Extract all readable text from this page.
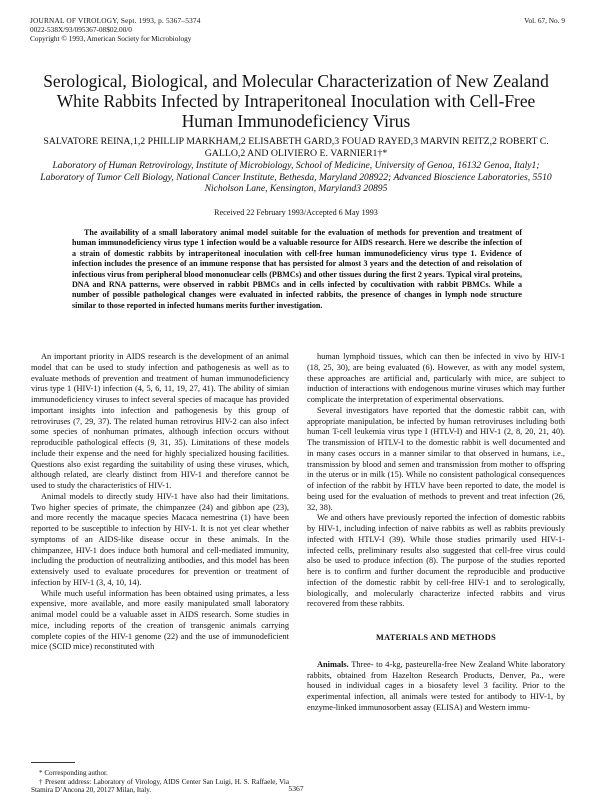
JOURNAL OF VIROLOGY, Sept. 1993, p. 5367–5374
0022-538X/93/095367-08$02.00/0
Copyright © 1993, American Society for Microbiology
Vol. 67, No. 9
Serological, Biological, and Molecular Characterization of New Zealand White Rabbits Infected by Intraperitoneal Inoculation with Cell-Free Human Immunodeficiency Virus
SALVATORE REINA,1,2 PHILLIP MARKHAM,2 ELISABETH GARD,3 FOUAD RAYED,3 MARVIN REITZ,2 ROBERT C. GALLO,2 AND OLIVIERO E. VARNIER1†*
Laboratory of Human Retrovirology, Institute of Microbiology, School of Medicine, University of Genoa, 16132 Genoa, Italy1; Laboratory of Tumor Cell Biology, National Cancer Institute, Bethesda, Maryland 208922; Advanced Bioscience Laboratories, 5510 Nicholson Lane, Kensington, Maryland3 20895
Received 22 February 1993/Accepted 6 May 1993
The availability of a small laboratory animal model suitable for the evaluation of methods for prevention and treatment of human immunodeficiency virus type 1 infection would be a valuable resource for AIDS research. Here we describe the infection of a strain of domestic rabbits by intraperitoneal inoculation with cell-free human immunodeficiency virus type 1. Evidence of infection includes the presence of an immune response that has persisted for almost 3 years and the detection of and reisolation of infectious virus from peripheral blood mononuclear cells (PBMCs) and other tissues during the first 2 years. Typical viral proteins, DNA and RNA patterns, were observed in rabbit PBMCs and in cells infected by cocultivation with rabbit PBMCs. While a number of possible pathological changes were evaluated in infected rabbits, the presence of changes in lymph node structure similar to those reported in infected humans merits further investigation.

An important priority in AIDS research is the development of an animal model that can be used to study infection and pathogenesis as well as to evaluate methods of prevention and treatment of human immunodeficiency virus type 1 (HIV-1) infection (4, 5, 6, 11, 19, 27, 41). The ability of simian immunodeficiency viruses to infect several species of macaque has provided important insights into infection and pathogenesis by this group of retroviruses (7, 29, 37). The related human retrovirus HIV-2 can also infect some species of nonhuman primates, although infection occurs without reproducible pathological effects (9, 31, 35). Limitations of these models include their expense and the need for highly specialized housing facilities. Questions also exist regarding the suitability of using these viruses, which, although related, are clearly distinct from HIV-1 and therefore cannot be used to study the characteristics of HIV-1.

Animal models to directly study HIV-1 have also had their limitations. Two higher species of primate, the chimpanzee (24) and gibbon ape (23), and more recently the macaque species Macaca nemestrina (1) have been reported to be susceptible to infection by HIV-1. It is not yet clear whether symptoms of an AIDS-like disease occur in these animals. In the chimpanzee, HIV-1 does induce both humoral and cell-mediated immunity, including the production of neutralizing antibodies, and this model has been extensively used to evaluate procedures for prevention or treatment of infection by HIV-1 (3, 4, 10, 14).

While much useful information has been obtained using primates, a less expensive, more available, and more easily manipulated small laboratory animal model could be a valuable asset in AIDS research. Some studies in mice, including reports of the creation of transgenic animals carrying complete copies of the HIV-1 genome (22) and the use of immunodeficient mice (SCID mice) reconstituted with

human lymphoid tissues, which can then be infected in vivo by HIV-1 (18, 25, 30), are being evaluated (6). However, as with any model system, these approaches are artificial and, particularly with mice, are subject to induction of interactions with endogenous murine viruses which may further complicate the interpretation of experimental observations.

Several investigators have reported that the domestic rabbit can, with appropriate manipulation, be infected by human retroviruses including both human T-cell leukemia virus type I (HTLV-I) and HIV-1 (2, 8, 20, 21, 40). The transmission of HTLV-I to the domestic rabbit is well documented and in many cases occurs in a manner similar to that observed in humans, i.e., transmission by blood and semen and transmission from mother to offspring in the uterus or in milk (15). While no consistent pathological consequences of infection of the rabbit by HTLV have been reported to date, the model is being used for the evaluation of methods to prevent and treat infection (26, 32, 38).

We and others have previously reported the infection of domestic rabbits by HIV-1, including infection of naive rabbits as well as rabbits previously infected with HTLV-I (39). While those studies primarily used HIV-1-infected cells, preliminary results also suggested that cell-free virus could also be used to produce infection (8). The purpose of the studies reported here is to confirm and further document the reproducible and productive infection of the domestic rabbit by cell-free HIV-1 and to serologically, biologically, and molecularly characterize infected rabbits and virus recovered from these rabbits.

MATERIALS AND METHODS

Animals. Three- to 4-kg, pasteurella-free New Zealand White laboratory rabbits, obtained from Hazelton Research Products, Denver, Pa., were housed in individual cages in a biosafety level 3 facility. Prior to the experimental infection, all animals were tested for antibody to HIV-1, by enzyme-linked immunosorbent assay (ELISA) and Western immu-

* Corresponding author.

† Present address: Laboratory of Virology, AIDS Center San Luigi, H. S. Raffaele, Via Stamira D’Ancona 20, 20127 Milan, Italy.	5367
